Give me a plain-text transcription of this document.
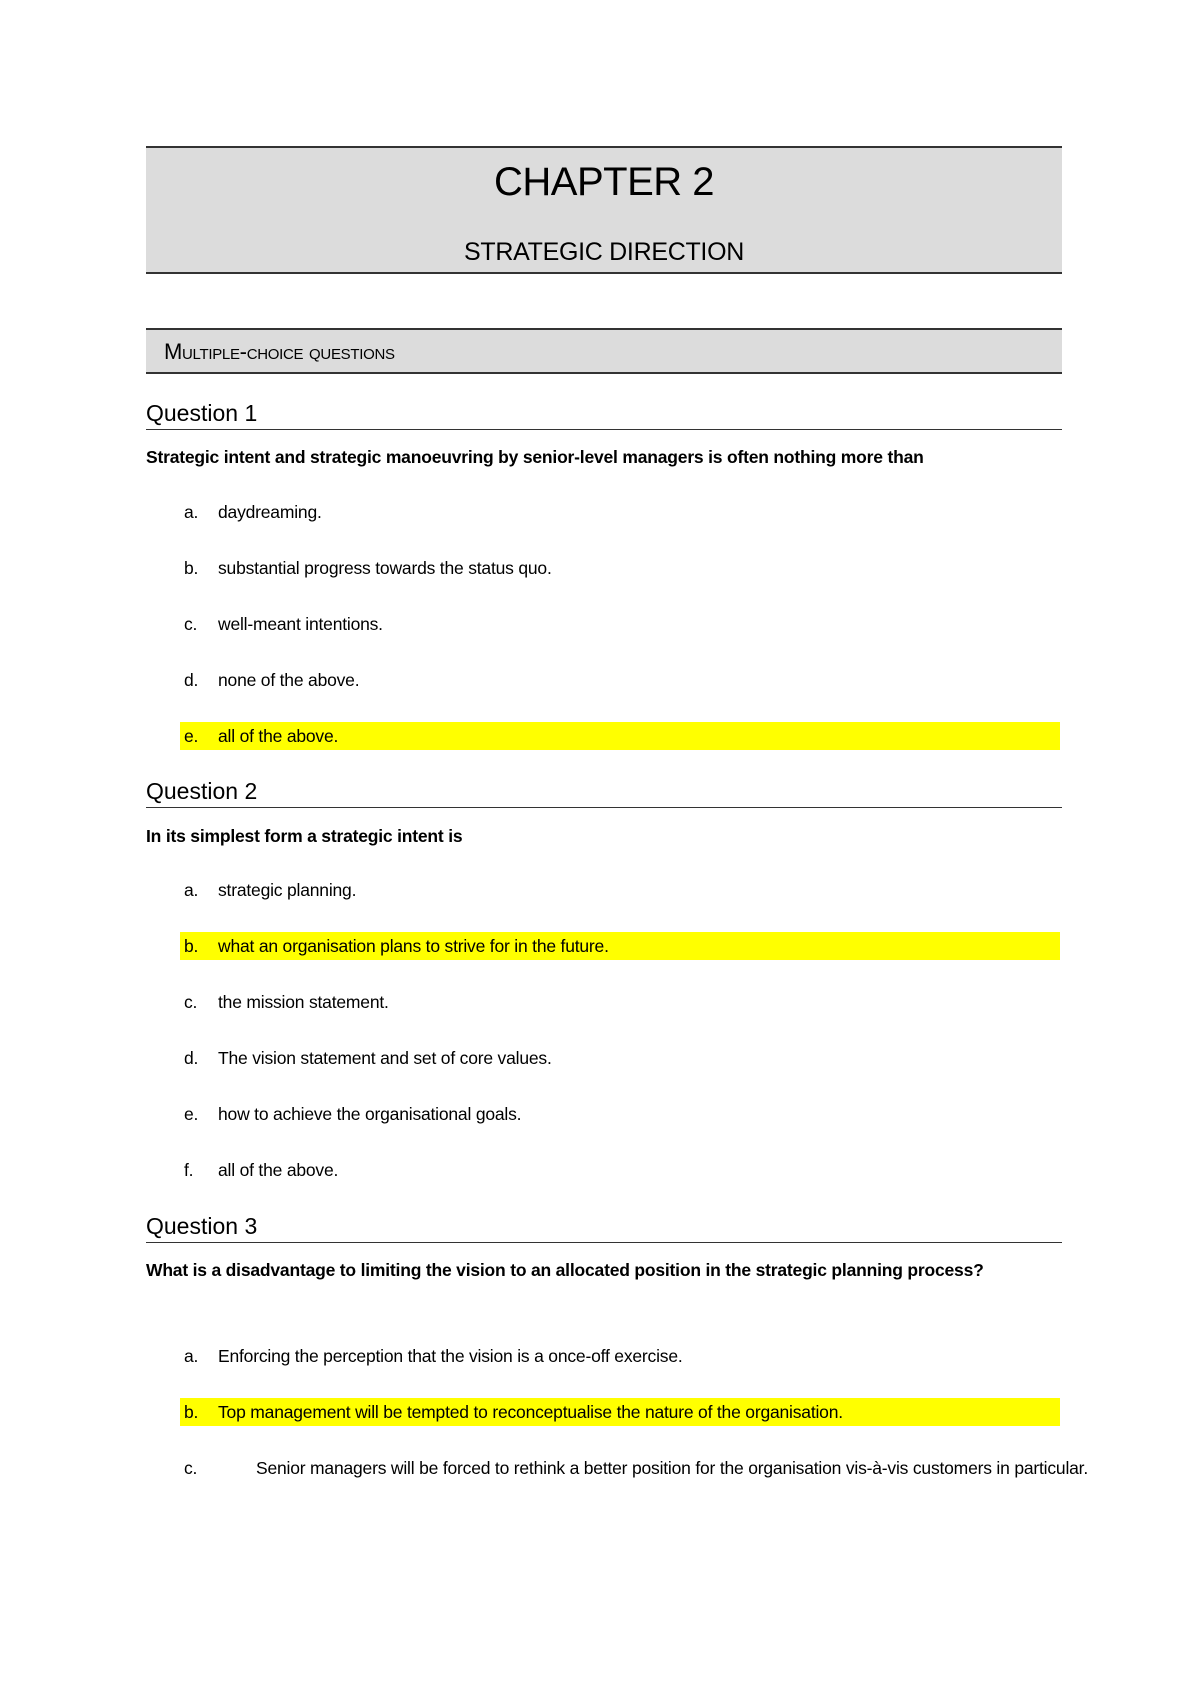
CHAPTER 2
STRATEGIC DIRECTION
Multiple-choice questions
Question 1
Strategic intent and strategic manoeuvring by senior-level managers is often nothing more than
a. daydreaming.
b. substantial progress towards the status quo.
c. well-meant intentions.
d. none of the above.
e. all of the above.
Question 2
In its simplest form a strategic intent is
a. strategic planning.
b. what an organisation plans to strive for in the future.
c. the mission statement.
d. The vision statement and set of core values.
e. how to achieve the organisational goals.
f. all of the above.
Question 3
What is a disadvantage to limiting the vision to an allocated position in the strategic planning process?
a. Enforcing the perception that the vision is a once-off exercise.
b. Top management will be tempted to reconceptualise the nature of the organisation.
c.	Senior managers will be forced to rethink a better position for the organisation vis-à-vis customers in particular.
